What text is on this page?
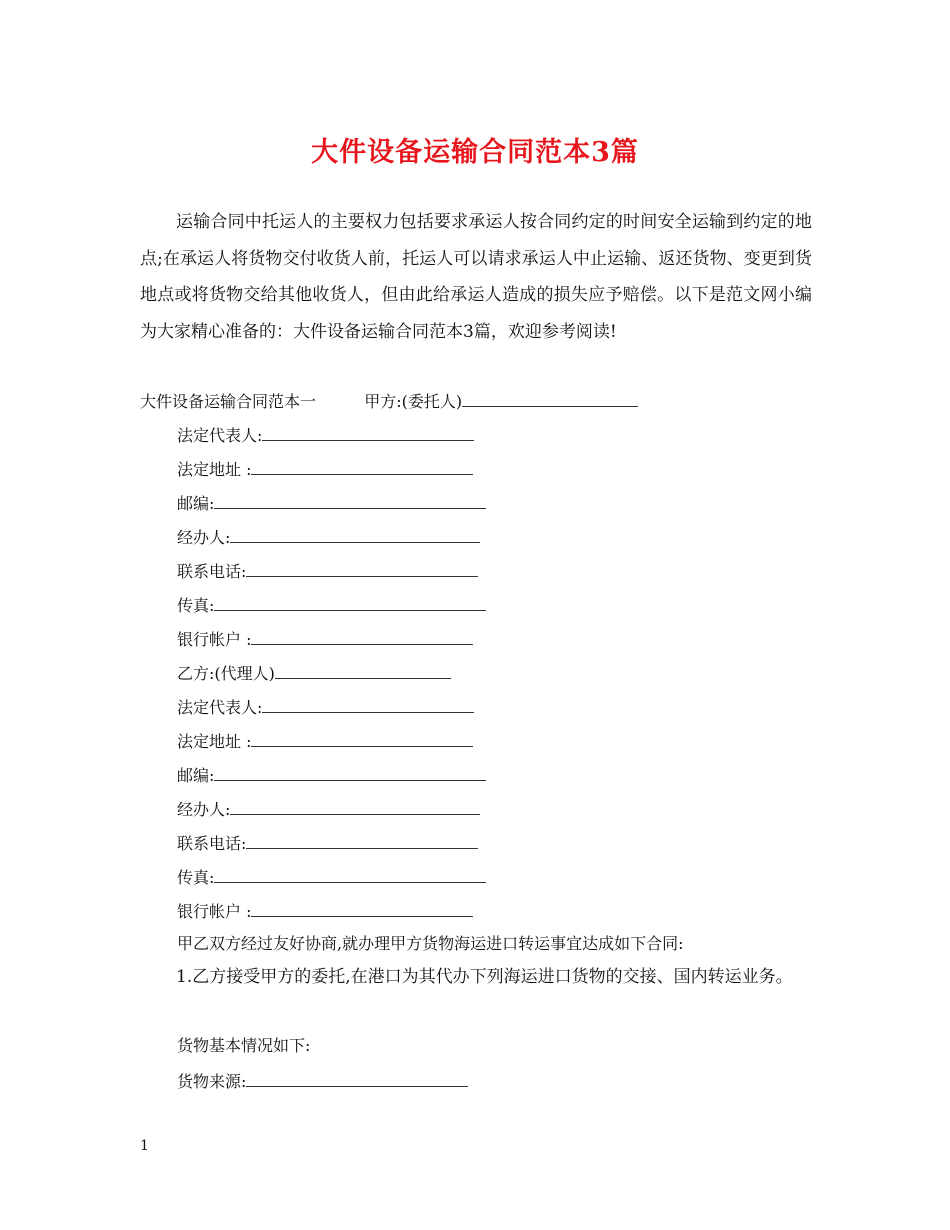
大件设备运输合同范本3篇
运输合同中托运人的主要权力包括要求承运人按合同约定的时间安全运输到约定的地点;在承运人将货物交付收货人前，托运人可以请求承运人中止运输、返还货物、变更到货地点或将货物交给其他收货人，但由此给承运人造成的损失应予赔偿。以下是范文网小编为大家精心准备的：大件设备运输合同范本3篇，欢迎参考阅读!
大件设备运输合同范本一	甲方:(委托人)
法定代表人:
法定地址 :
邮编:
经办人:
联系电话:
传真:
银行帐户 :
乙方:(代理人)
法定代表人:
法定地址 :
邮编:
经办人:
联系电话:
传真:
银行帐户 :
甲乙双方经过友好协商,就办理甲方货物海运进口转运事宜达成如下合同:
1.乙方接受甲方的委托,在港口为其代办下列海运进口货物的交接、国内转运业务。
货物基本情况如下:
货物来源:
1
